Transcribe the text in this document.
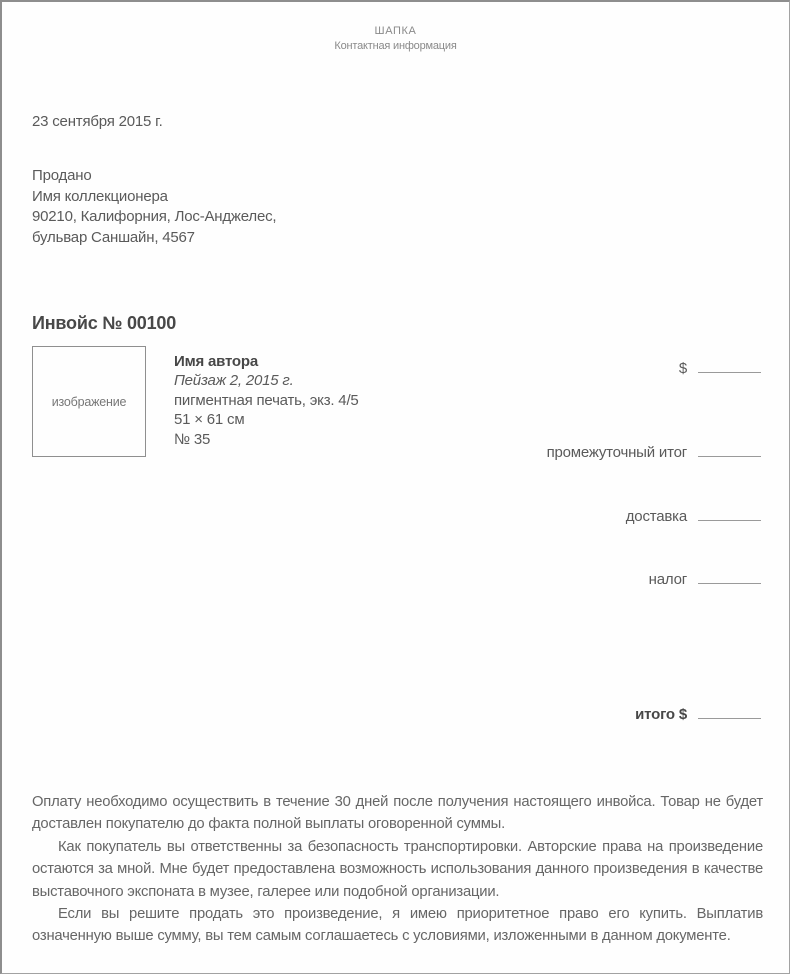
ШАПКА
Контактная информация
23 сентября 2015 г.
Продано
Имя коллекционера
90210, Калифорния, Лос-Анджелес,
бульвар Саншайн, 4567
Инвойс № 00100
изображение
Имя автора
Пейзаж 2, 2015 г.
пигментная печать, экз. 4/5
51 × 61 см
№ 35
$
промежуточный итог
доставка
налог
итого $

Оплату необходимо осуществить в течение 30 дней после получения настоящего инвойса. Товар не будет доставлен покупателю до факта полной выплаты оговоренной суммы.

Как покупатель вы ответственны за безопасность транспортировки. Авторские права на произведение остаются за мной. Мне будет предоставлена возможность использования данного произведения в качестве выставочного экспоната в музее, галерее или подобной организации.

Если вы решите продать это произведение, я имею приоритетное право его купить. Выплатив означенную выше сумму, вы тем самым соглашаетесь с условиями, изложенными в данном документе.
